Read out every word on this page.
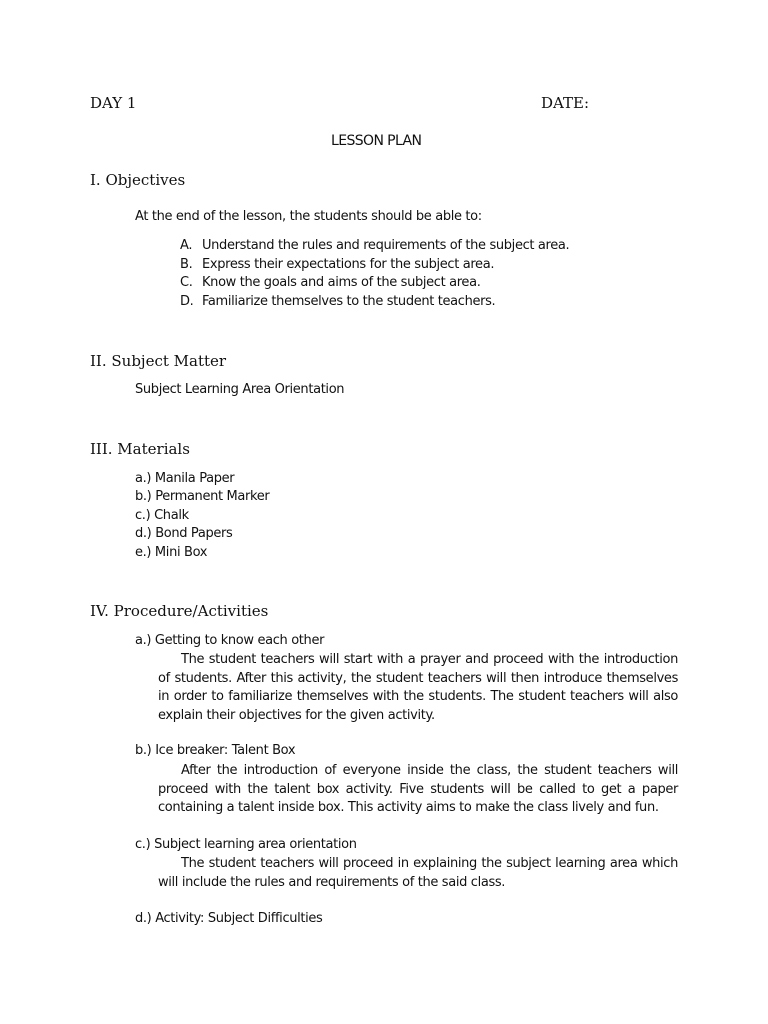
DAY 1	DATE:
LESSON PLAN
I. Objectives
At the end of the lesson, the students should be able to:
A. Understand the rules and requirements of the subject area.
B. Express their expectations for the subject area.
C. Know the goals and aims of the subject area.
D. Familiarize themselves to the student teachers.
II. Subject Matter
Subject Learning Area Orientation
III. Materials
a.) Manila Paper
b.) Permanent Marker
c.) Chalk
d.) Bond Papers
e.) Mini Box
IV. Procedure/Activities
a.) Getting to know each other
The student teachers will start with a prayer and proceed with the introduction of students. After this activity, the student teachers will then introduce themselves in order to familiarize themselves with the students. The student teachers will also explain their objectives for the given activity.
b.) Ice breaker: Talent Box
After the introduction of everyone inside the class, the student teachers will proceed with the talent box activity. Five students will be called to get a paper containing a talent inside box. This activity aims to make the class lively and fun.
c.) Subject learning area orientation
The student teachers will proceed in explaining the subject learning area which will include the rules and requirements of the said class.
d.) Activity: Subject Difficulties
